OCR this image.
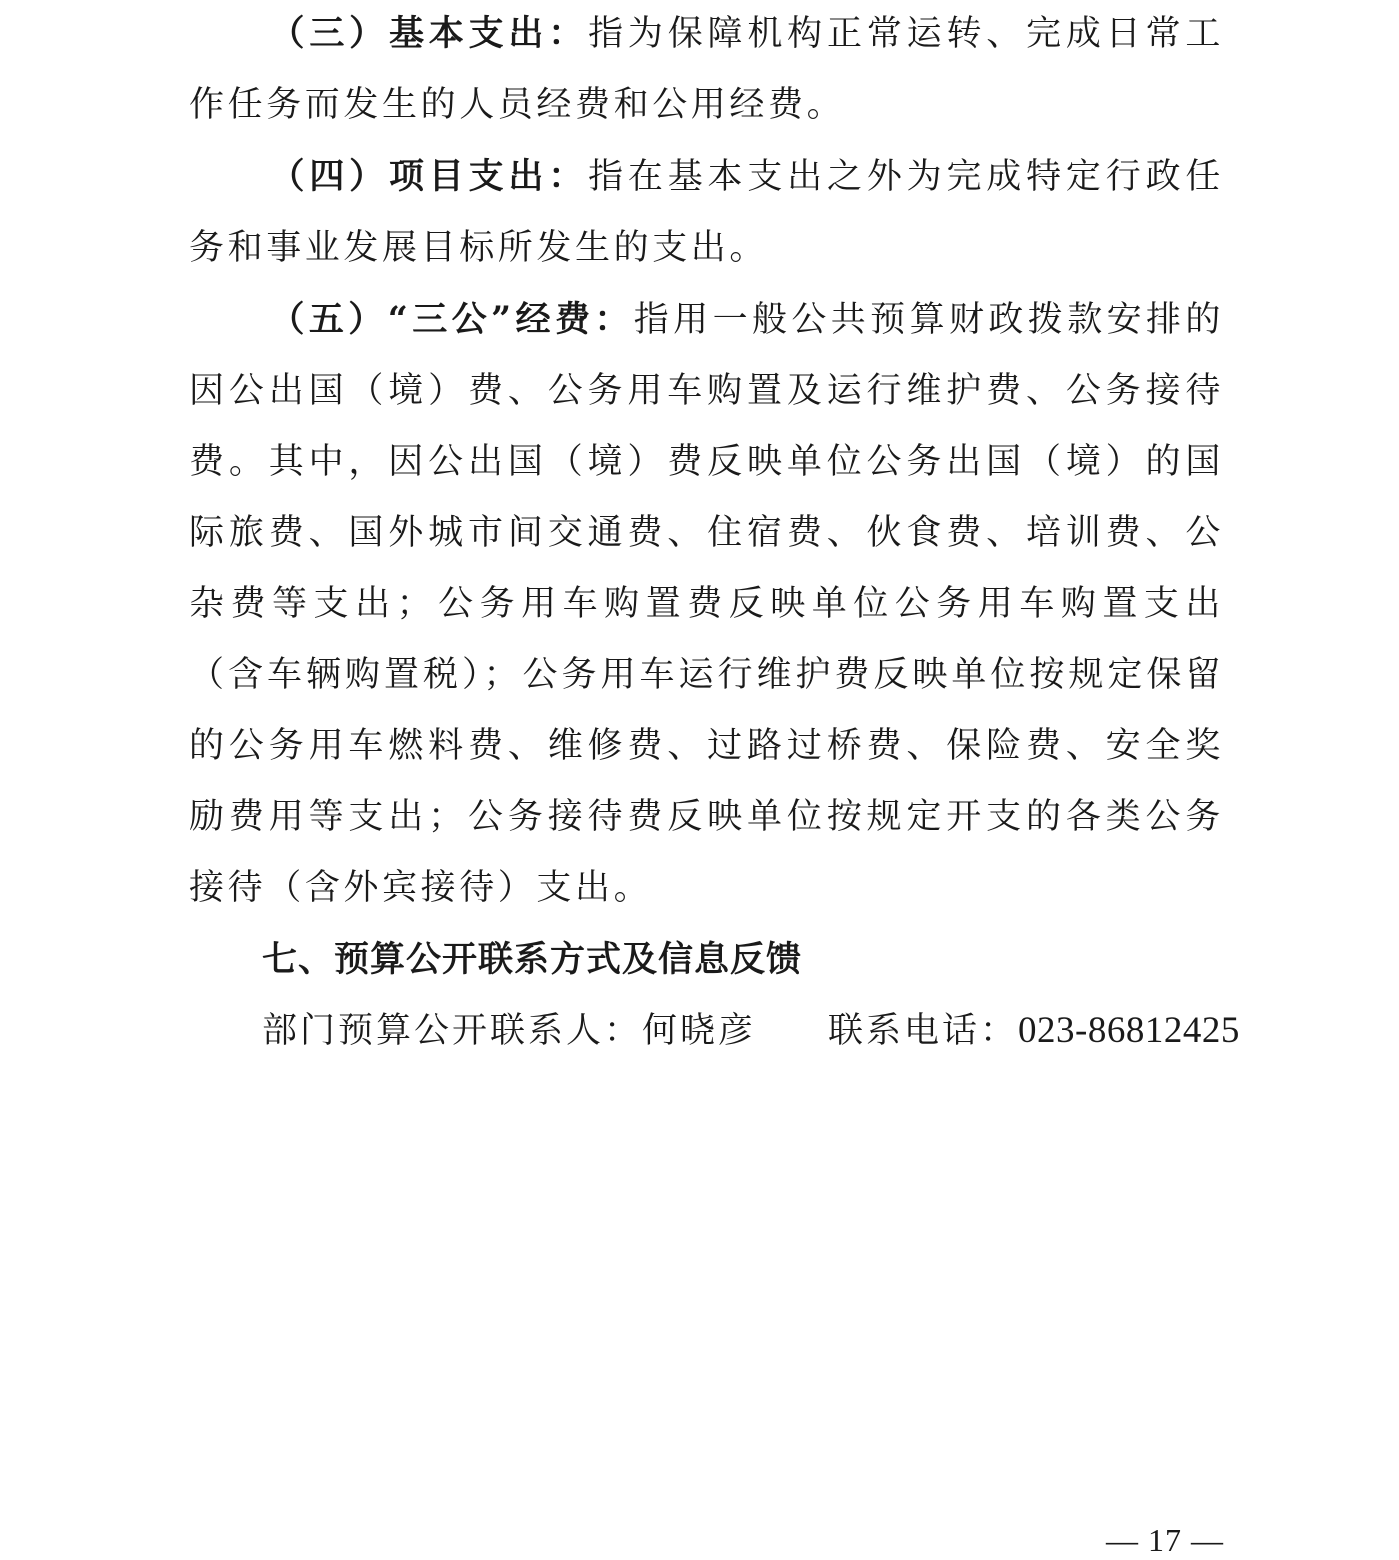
（三）基本支出：指为保障机构正常运转、完成日常工作任务而发生的人员经费和公用经费。

（四）项目支出：指在基本支出之外为完成特定行政任务和事业发展目标所发生的支出。

（五）“三公”经费：指用一般公共预算财政拨款安排的因公出国（境）费、公务用车购置及运行维护费、公务接待费。其中，因公出国（境）费反映单位公务出国（境）的国际旅费、国外城市间交通费、住宿费、伙食费、培训费、公杂费等支出；公务用车购置费反映单位公务用车购置支出（含车辆购置税）；公务用车运行维护费反映单位按规定保留的公务用车燃料费、维修费、过路过桥费、保险费、安全奖励费用等支出；公务接待费反映单位按规定开支的各类公务接待（含外宾接待）支出。

七、预算公开联系方式及信息反馈

部门预算公开联系人：何晓彦 联系电话：023-86812425

— 17 —
